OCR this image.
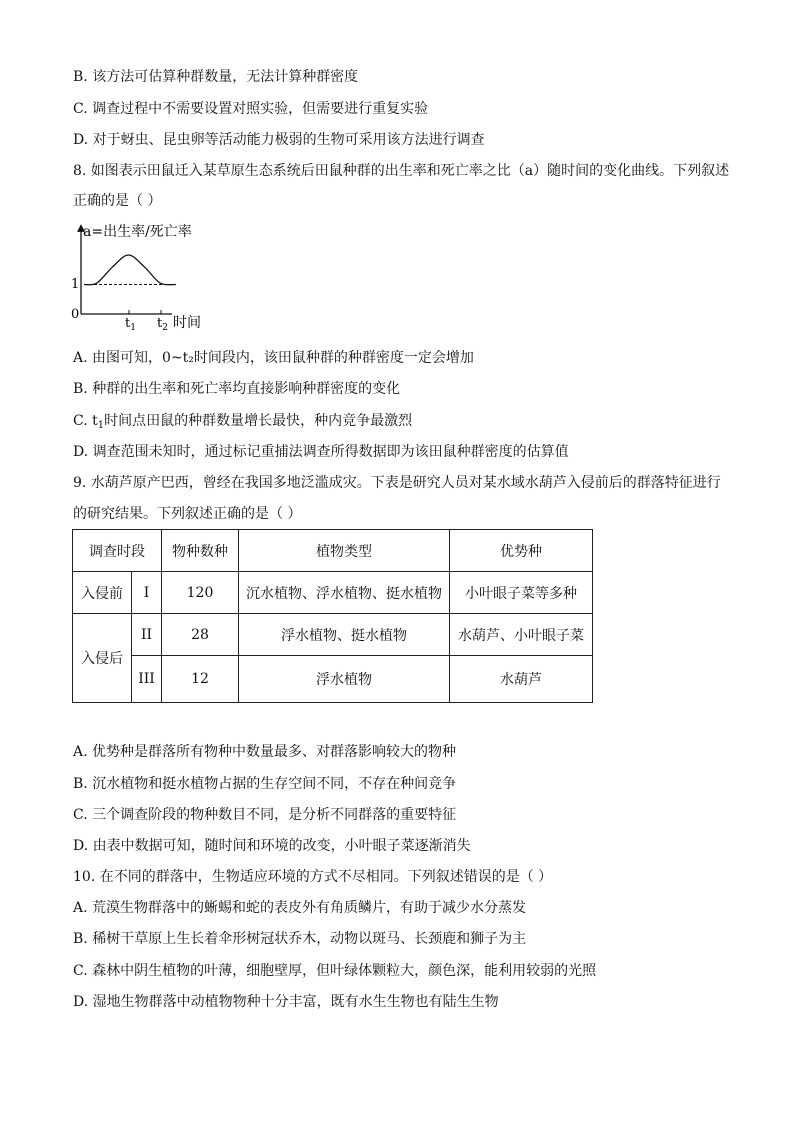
B. 该方法可估算种群数量，无法计算种群密度
C. 调查过程中不需要设置对照实验，但需要进行重复实验
D. 对于蚜虫、昆虫卵等活动能力极弱的生物可采用该方法进行调查
8. 如图表示田鼠迁入某草原生态系统后田鼠种群的出生率和死亡率之比（a）随时间的变化曲线。下列叙述
正确的是（ ）
a=出生率/死亡率
1
0
$t_1$ $t_2$ 时间
A. 由图可知，0~t₂时间段内，该田鼠种群的种群密度一定会增加
B. 种群的出生率和死亡率均直接影响种群密度的变化
C. $t_1$时间点田鼠的种群数量增长最快，种内竞争最激烈
D. 调查范围未知时，通过标记重捕法调查所得数据即为该田鼠种群密度的估算值
9. 水葫芦原产巴西，曾经在我国多地泛滥成灾。下表是研究人员对某水域水葫芦入侵前后的群落特征进行
的研究结果。下列叙述正确的是（ ）
调查时段		物种数种	植物类型	优势种
入侵前	I	120	沉水植物、浮水植物、挺水植物	小叶眼子菜等多种
入侵后	II	28	浮水植物、挺水植物	水葫芦、小叶眼子菜
	III	12	浮水植物	水葫芦
A. 优势种是群落所有物种中数量最多、对群落影响较大的物种
B. 沉水植物和挺水植物占据的生存空间不同，不存在种间竞争
C. 三个调查阶段的物种数目不同，是分析不同群落的重要特征
D. 由表中数据可知，随时间和环境的改变，小叶眼子菜逐渐消失
10. 在不同的群落中，生物适应环境的方式不尽相同。下列叙述错误的是（ ）
A. 荒漠生物群落中的蜥蜴和蛇的表皮外有角质鳞片，有助于减少水分蒸发
B. 稀树干草原上生长着伞形树冠状乔木，动物以斑马、长颈鹿和狮子为主
C. 森林中阴生植物的叶薄，细胞壁厚，但叶绿体颗粒大，颜色深，能利用较弱的光照
D. 湿地生物群落中动植物物种十分丰富，既有水生生物也有陆生生物
